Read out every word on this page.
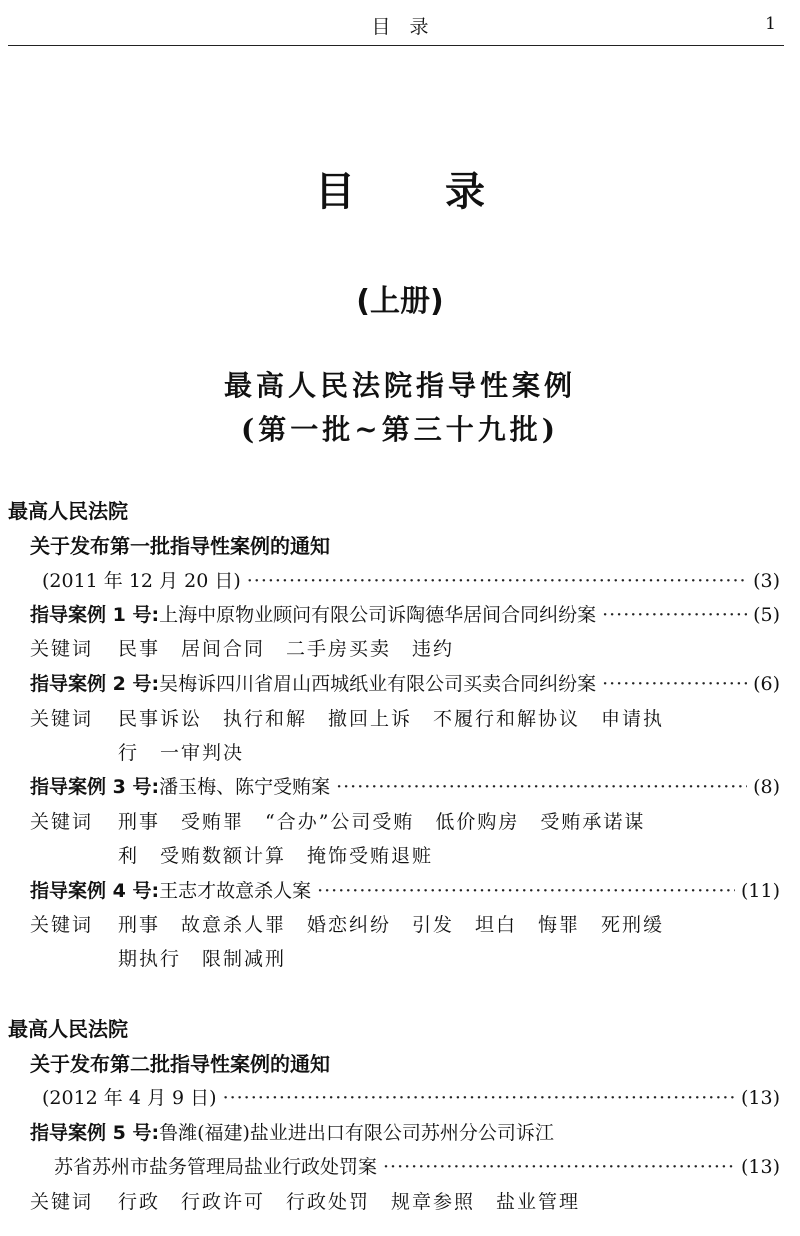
目　录	1
目 录
(上册)
最高人民法院指导性案例
(第一批~第三十九批)
最高人民法院
关于发布第一批指导性案例的通知
(2011 年 12 月 20 日) ·····	(3)
指导案例 1 号: 上海中原物业顾问有限公司诉陶德华居间合同纠纷案 ·····	(5)
关键词 民事　居间合同　二手房买卖　违约
指导案例 2 号: 吴梅诉四川省眉山西城纸业有限公司买卖合同纠纷案 ·····	(6)
关键词 民事诉讼　执行和解　撤回上诉　不履行和解协议　申请执
行　一审判决
指导案例 3 号: 潘玉梅、陈宁受贿案 ·····	(8)
关键词 刑事　受贿罪　“合办”公司受贿　低价购房　受贿承诺谋
利　受贿数额计算　掩饰受贿退赃
指导案例 4 号: 王志才故意杀人案 ·····	(11)
关键词 刑事　故意杀人罪　婚恋纠纷　引发　坦白　悔罪　死刑缓
期执行　限制减刑
最高人民法院
关于发布第二批指导性案例的通知
(2012 年 4 月 9 日) ·····	(13)
指导案例 5 号:鲁潍(福建)盐业进出口有限公司苏州分公司诉江
苏省苏州市盐务管理局盐业行政处罚案 ·····	(13)
关键词 行政　行政许可　行政处罚　规章参照　盐业管理
